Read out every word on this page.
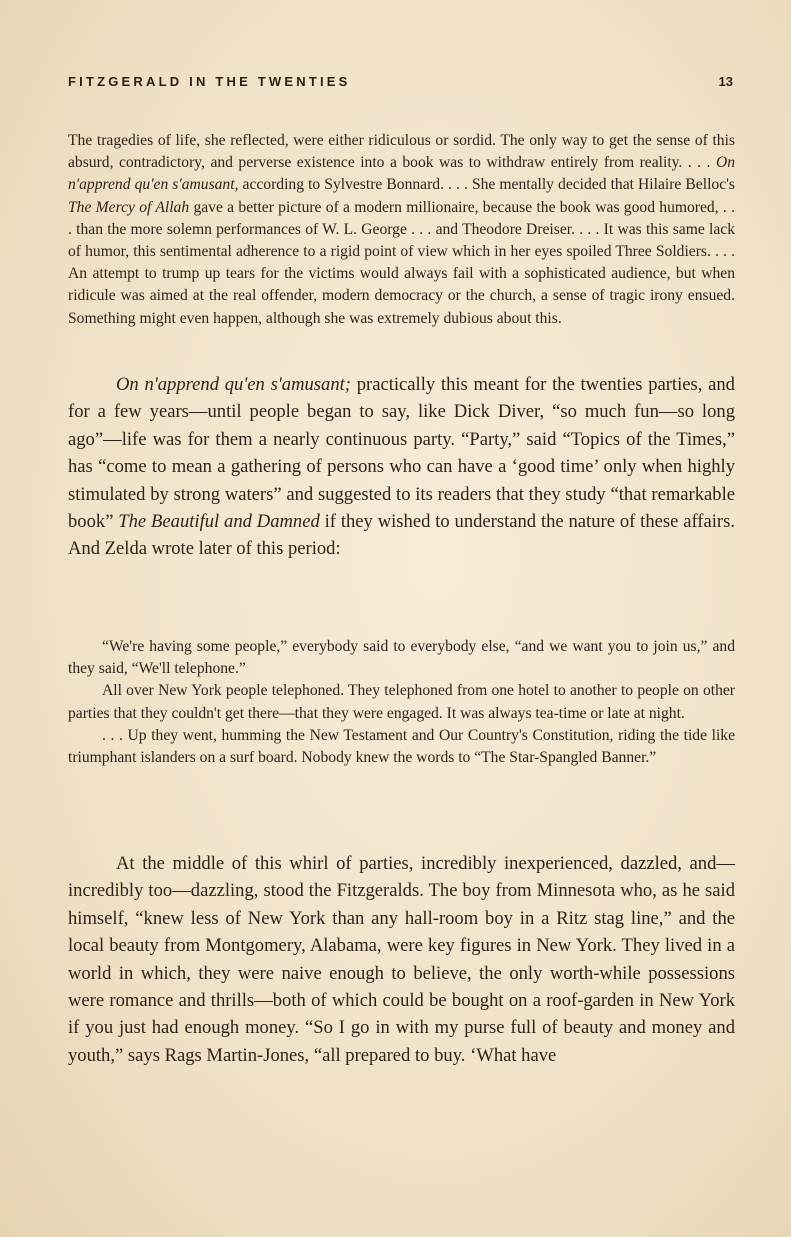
FITZGERALD IN THE TWENTIES	13

The tragedies of life, she reflected, were either ridiculous or sordid. The only way to get the sense of this absurd, contradictory, and perverse existence into a book was to withdraw entirely from reality. . . . On n'apprend qu'en s'amusant, according to Sylvestre Bonnard. . . . She mentally decided that Hilaire Belloc's The Mercy of Allah gave a better picture of a modern millionaire, because the book was good humored, . . . than the more solemn performances of W. L. George . . . and Theodore Dreiser. . . . It was this same lack of humor, this sentimental adherence to a rigid point of view which in her eyes spoiled Three Soldiers. . . . An attempt to trump up tears for the victims would always fail with a sophisticated audience, but when ridicule was aimed at the real offender, modern democracy or the church, a sense of tragic irony ensued. Something might even happen, although she was extremely dubious about this.

On n'apprend qu'en s'amusant; practically this meant for the twenties parties, and for a few years—until people began to say, like Dick Diver, “so much fun—so long ago”—life was for them a nearly continuous party. “Party,” said “Topics of the Times,” has “come to mean a gathering of persons who can have a ‘good time’ only when highly stimulated by strong waters” and suggested to its readers that they study “that remarkable book” The Beautiful and Damned if they wished to understand the nature of these affairs. And Zelda wrote later of this period:

“We're having some people,” everybody said to everybody else, “and we want you to join us,” and they said, “We'll telephone.”

All over New York people telephoned. They telephoned from one hotel to another to people on other parties that they couldn't get there—that they were engaged. It was always tea-time or late at night.

. . . Up they went, humming the New Testament and Our Country's Constitution, riding the tide like triumphant islanders on a surf board. Nobody knew the words to “The Star-Spangled Banner.”

At the middle of this whirl of parties, incredibly inexperienced, dazzled, and—incredibly too—dazzling, stood the Fitzgeralds. The boy from Minnesota who, as he said himself, “knew less of New York than any hall-room boy in a Ritz stag line,” and the local beauty from Montgomery, Alabama, were key figures in New York. They lived in a world in which, they were naive enough to believe, the only worth-while possessions were romance and thrills—both of which could be bought on a roof-garden in New York if you just had enough money. “So I go in with my purse full of beauty and money and youth,” says Rags Martin-Jones, “all prepared to buy. ‘What have
